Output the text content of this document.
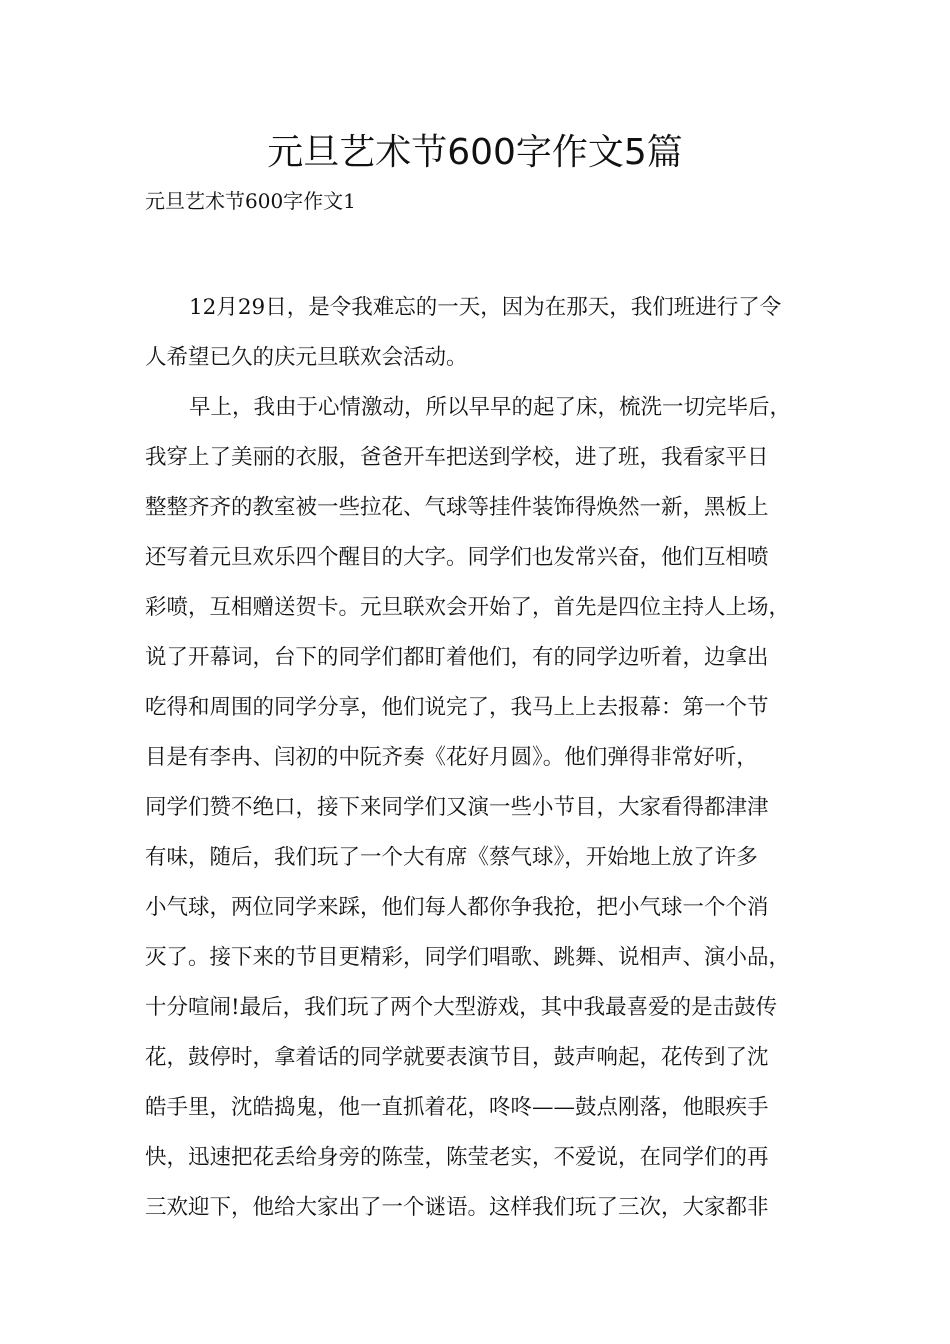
元旦艺术节600字作文5篇

元旦艺术节600字作文1

12月29日，是令我难忘的一天，因为在那天，我们班进行了令
人希望已久的庆元旦联欢会活动。
早上，我由于心情激动，所以早早的起了床，梳洗一切完毕后，
我穿上了美丽的衣服，爸爸开车把送到学校，进了班，我看家平日
整整齐齐的教室被一些拉花、气球等挂件装饰得焕然一新，黑板上
还写着元旦欢乐四个醒目的大字。同学们也发常兴奋，他们互相喷
彩喷，互相赠送贺卡。元旦联欢会开始了，首先是四位主持人上场，
说了开幕词，台下的同学们都盯着他们，有的同学边听着，边拿出
吃得和周围的同学分享，他们说完了，我马上上去报幕：第一个节
目是有李冉、闫初的中阮齐奏《花好月圆》。他们弹得非常好听，
同学们赞不绝口，接下来同学们又演一些小节目，大家看得都津津
有味，随后，我们玩了一个大有席《蔡气球》，开始地上放了许多
小气球，两位同学来踩，他们每人都你争我抢，把小气球一个个消
灭了。接下来的节目更精彩，同学们唱歌、跳舞、说相声、演小品，
十分喧闹!最后，我们玩了两个大型游戏，其中我最喜爱的是击鼓传
花，鼓停时，拿着话的同学就要表演节目，鼓声响起，花传到了沈
皓手里，沈皓捣鬼，他一直抓着花，咚咚——鼓点刚落，他眼疾手
快，迅速把花丢给身旁的陈莹，陈莹老实，不爱说，在同学们的再
三欢迎下，他给大家出了一个谜语。这样我们玩了三次，大家都非
